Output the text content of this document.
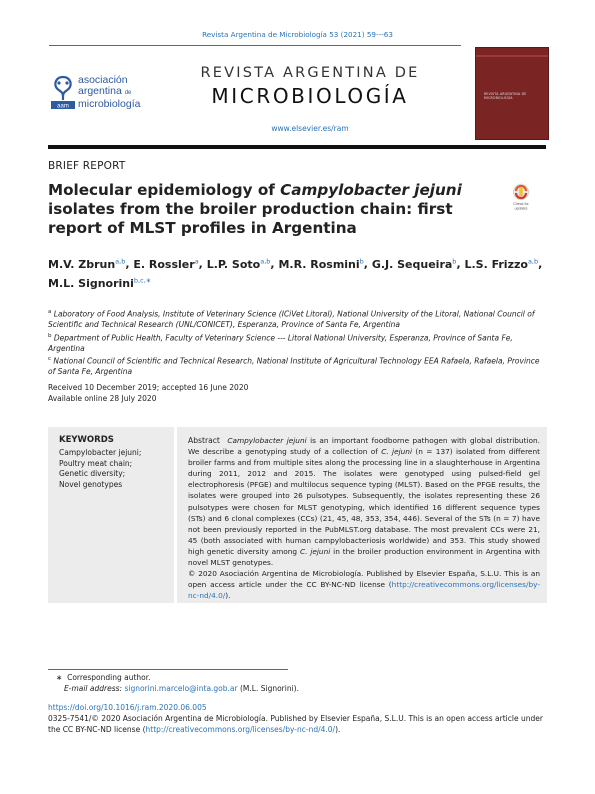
Revista Argentina de Microbiología 53 (2021) 59---63
aam
asociación
argentina de
microbiología
REVISTA ARGENTINA DE
MICROBIOLOGÍA
www.elsevier.es/ram
REVISTA ARGENTINA DE MICROBIOLOGÍA
BRIEF REPORT
Molecular epidemiology of Campylobacter jejuni isolates from the broiler production chain: first report of MLST profiles in Argentina
Check for
updates
M.V. Zbrun$^{a,b}$, E. Rossler$^a$, L.P. Soto$^{a,b}$, M.R. Rosmini$^b$, G.J. Sequeira$^b$, L.S. Frizzo$^{a,b}$, M.L. Signorini$^{b,c,∗}$
$^a$ Laboratory of Food Analysis, Institute of Veterinary Science (ICiVet Litoral), National University of the Litoral, National Council of Scientific and Technical Research (UNL/CONICET), Esperanza, Province of Santa Fe, Argentina
$^b$ Department of Public Health, Faculty of Veterinary Science --- Litoral National University, Esperanza, Province of Santa Fe, Argentina
$^c$ National Council of Scientific and Technical Research, National Institute of Agricultural Technology EEA Rafaela, Rafaela, Province of Santa Fe, Argentina
Received 10 December 2019; accepted 16 June 2020
Available online 28 July 2020
KEYWORDS
Campylobacter jejuni;
Poultry meat chain;
Genetic diversity;
Novel genotypes
Abstract Campylobacter jejuni is an important foodborne pathogen with global distribution. We describe a genotyping study of a collection of C. jejuni (n = 137) isolated from different broiler farms and from multiple sites along the processing line in a slaughterhouse in Argentina during 2011, 2012 and 2015. The isolates were genotyped using pulsed-field gel electrophoresis (PFGE) and multilocus sequence typing (MLST). Based on the PFGE results, the isolates were grouped into 26 pulsotypes. Subsequently, the isolates representing these 26 pulsotypes were chosen for MLST genotyping, which identified 16 different sequence types (STs) and 6 clonal complexes (CCs) (21, 45, 48, 353, 354, 446). Several of the STs (n = 7) have not been previously reported in the PubMLST.org database. The most prevalent CCs were 21, 45 (both associated with human campylobacteriosis worldwide) and 353. This study showed high genetic diversity among C. jejuni in the broiler production environment in Argentina with novel MLST genotypes.
© 2020 Asociación Argentina de Microbiología. Published by Elsevier España, S.L.U. This is an open access article under the CC BY-NC-ND license (http://creativecommons.org/licenses/by-nc-nd/4.0/).
∗ Corresponding author.
E-mail address: signorini.marcelo@inta.gob.ar (M.L. Signorini).
https://doi.org/10.1016/j.ram.2020.06.005
0325-7541/© 2020 Asociación Argentina de Microbiología. Published by Elsevier España, S.L.U. This is an open access article under the CC BY-NC-ND license (http://creativecommons.org/licenses/by-nc-nd/4.0/).
